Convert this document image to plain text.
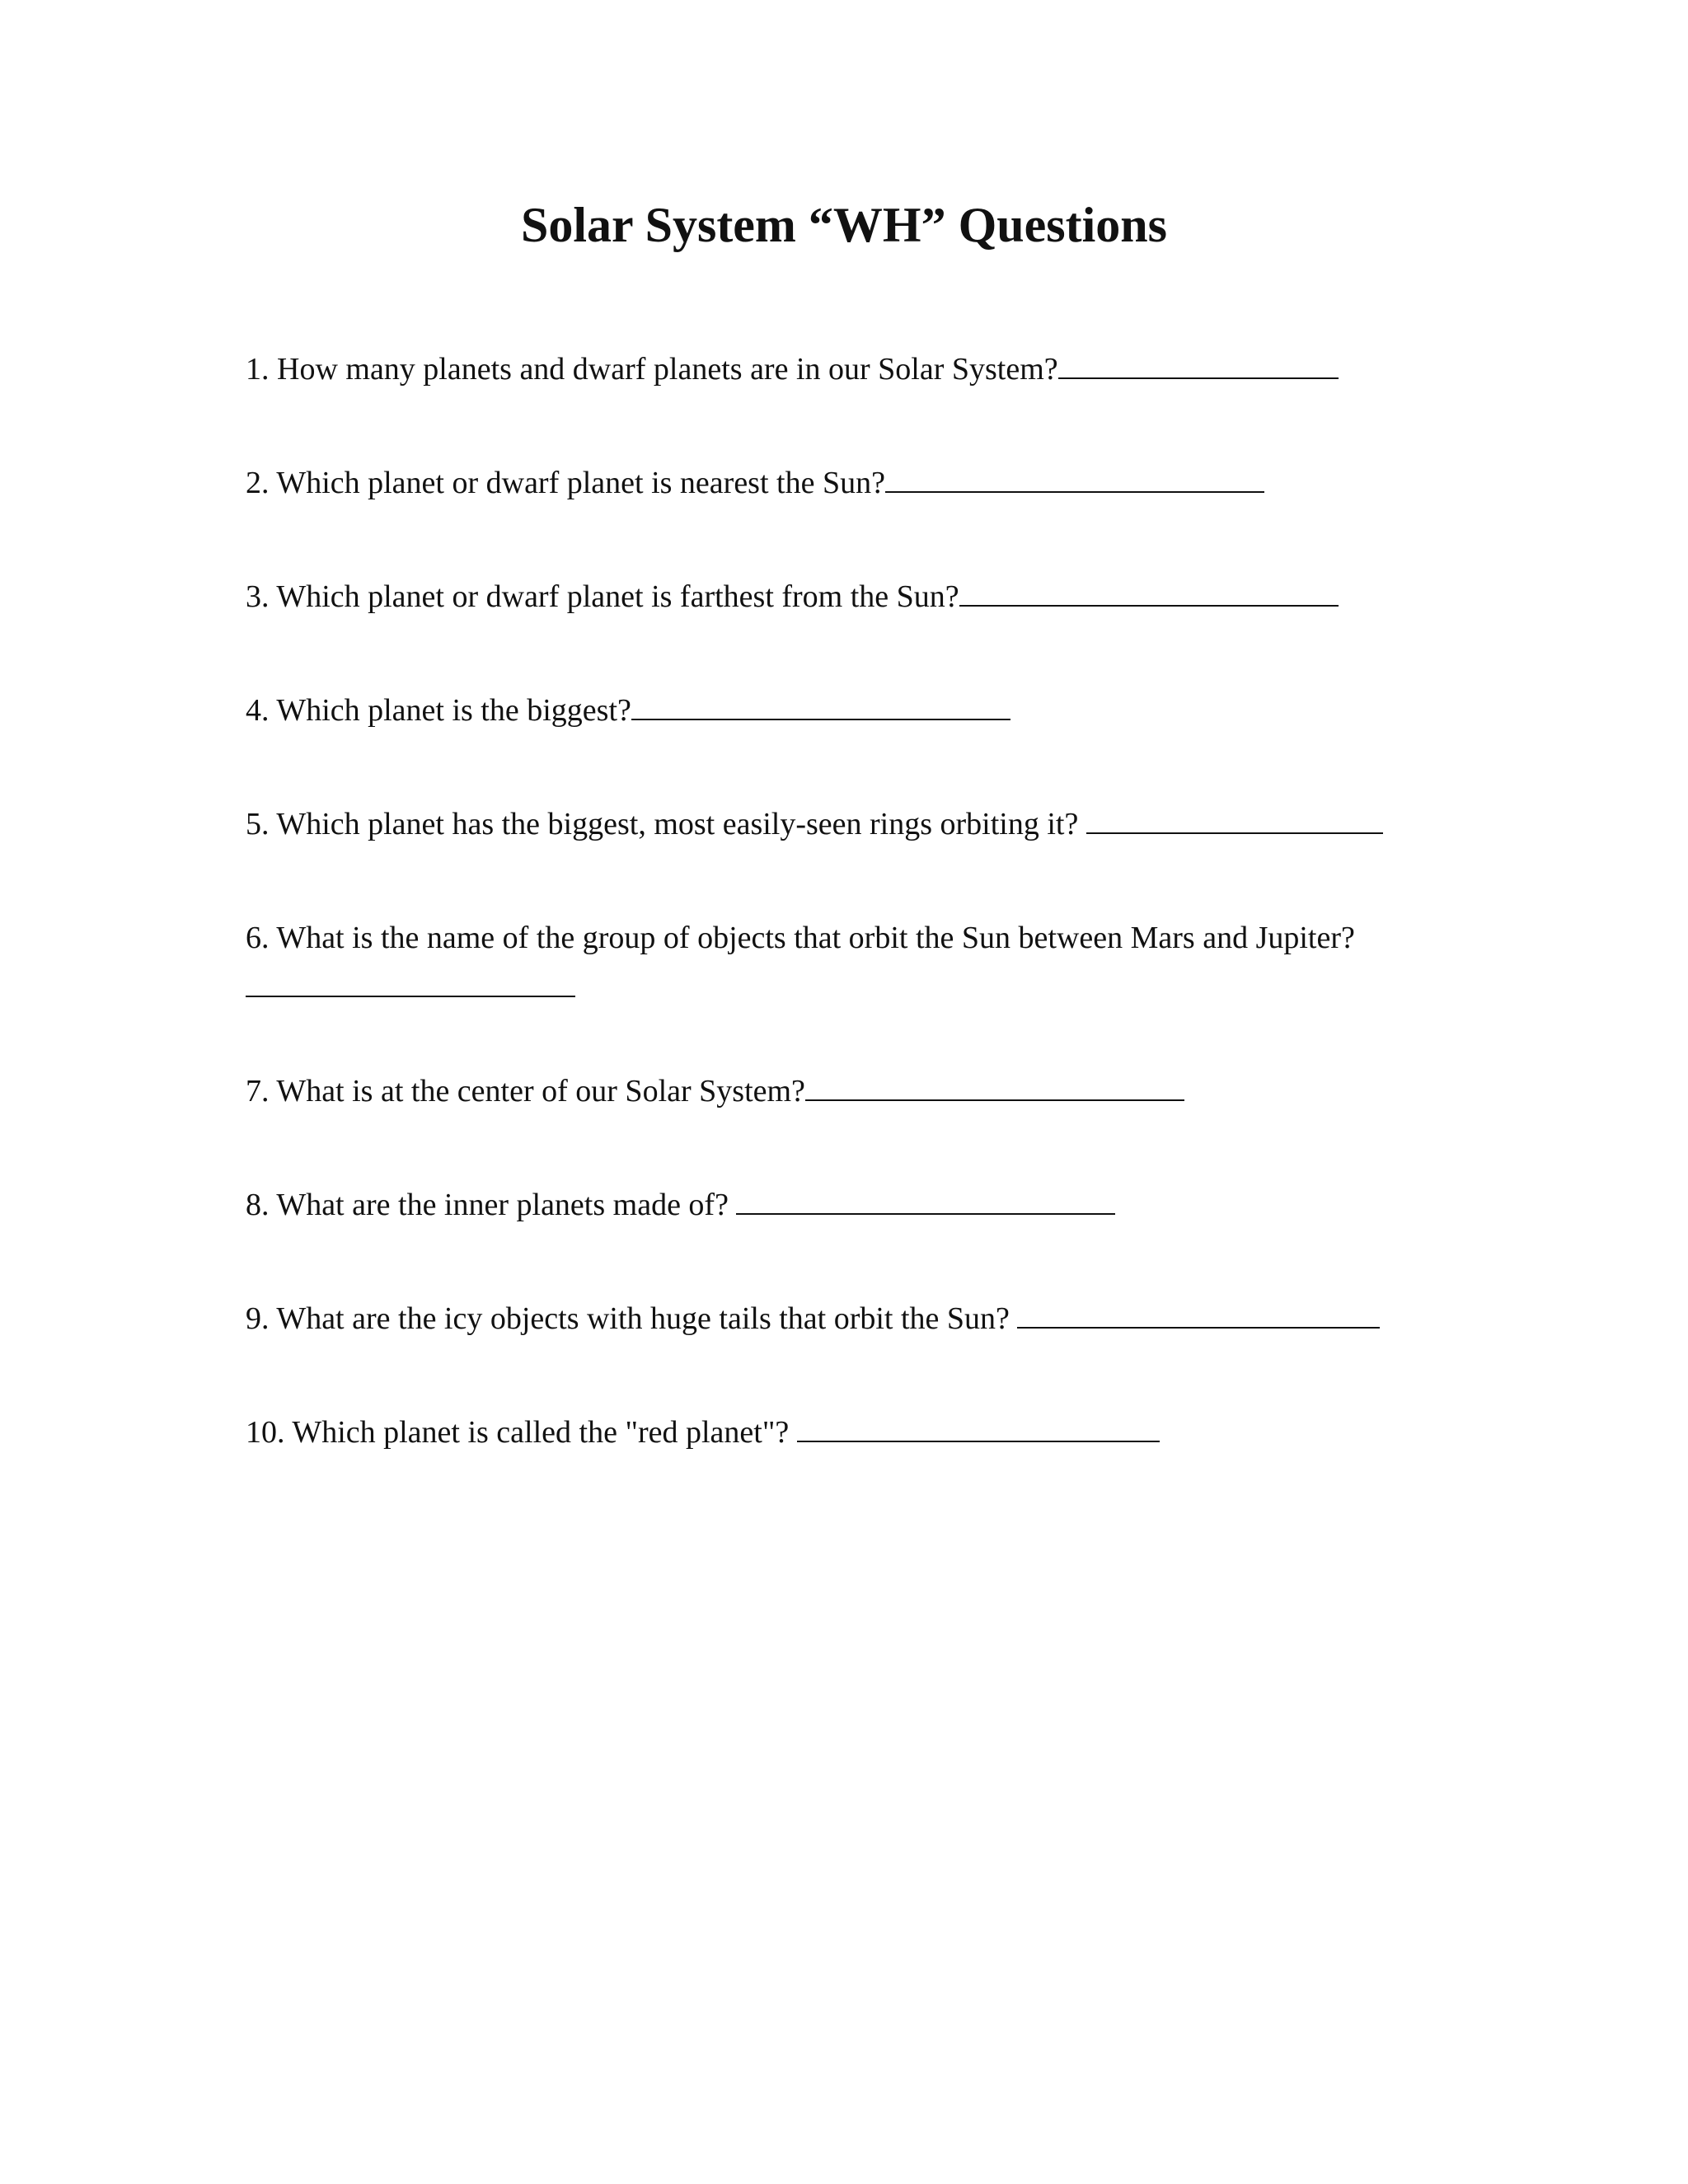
Solar System “WH” Questions

1. How many planets and dwarf planets are in our Solar System?

2. Which planet or dwarf planet is nearest the Sun?

3. Which planet or dwarf planet is farthest from the Sun?

4. Which planet is the biggest?

5. Which planet has the biggest, most easily-seen rings orbiting it?

6. What is the name of the group of objects that orbit the Sun between Mars and Jupiter?

7. What is at the center of our Solar System?

8. What are the inner planets made of?

9. What are the icy objects with huge tails that orbit the Sun?

10. Which planet is called the "red planet"?
